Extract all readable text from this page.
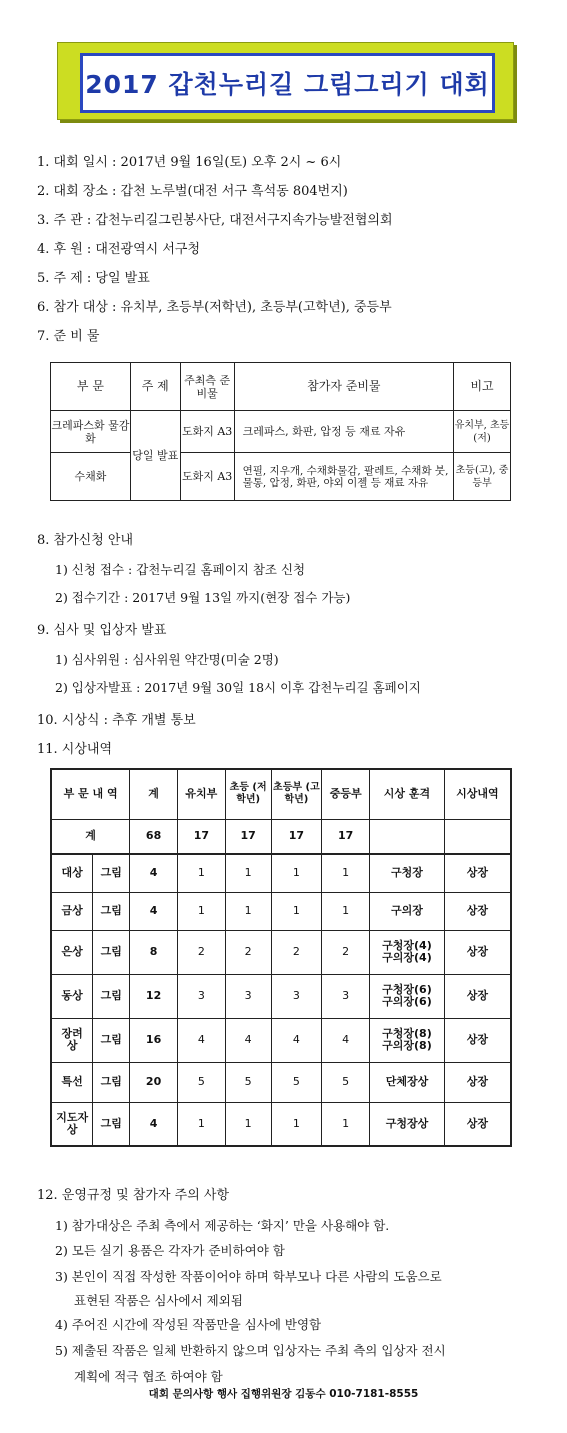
2017 갑천누리길 그림그리기 대회
1. 대회 일시 : 2017년 9월 16일(토) 오후 2시 ~ 6시
2. 대회 장소 : 갑천 노루벌(대전 서구 흑석동 804번지)
3. 주 관 : 갑천누리길그린봉사단, 대전서구지속가능발전협의회
4. 후 원 : 대전광역시 서구청
5. 주 제 : 당일 발표
6. 참가 대상 : 유치부, 초등부(저학년), 초등부(고학년), 중등부
7. 준 비 물
부 문	주 제	주최측 준비물	참가자 준비물	비고
크레파스화 물감화	당일 발표	도화지 A3	크레파스, 화판, 압정 등 재료 자유	유치부, 초등(저)
수채화		도화지 A3	연필, 지우개, 수채화물감, 팔레트, 수채화 붓, 물통, 압정, 화판, 야외 이젤 등 재료 자유	초등(고), 중등부
8. 참가신청 안내
1) 신청 접수 : 갑천누리길 홈페이지 참조 신청
2) 접수기간 : 2017년 9월 13일 까지(현장 접수 가능)
9. 심사 및 입상자 발표
1) 심사위원 : 심사위원 약간명(미술 2명)
2) 입상자발표 : 2017년 9월 30일 18시 이후 갑천누리길 홈페이지
10. 시상식 : 추후 개별 통보
11. 시상내역
부 문 내 역		계	유치부	초등 (저학년)	초등부 (고학년)	중등부	시상 훈격	시상내역
계		68	17	17	17	17		
대상	그림	4	1	1	1	1	구청장	상장
금상	그림	4	1	1	1	1	구의장	상장
은상	그림	8	2	2	2	2	구청장(4) 구의장(4)	상장
동상	그림	12	3	3	3	3	구청장(6) 구의장(6)	상장
장려상	그림	16	4	4	4	4	구청장(8) 구의장(8)	상장
특선	그림	20	5	5	5	5	단체장상	상장
지도자상	그림	4	1	1	1	1	구청장상	상장
12. 운영규정 및 참가자 주의 사항
1) 참가대상은 주최 측에서 제공하는 ‘화지’ 만을 사용해야 함.
2) 모든 실기 용품은 각자가 준비하여야 함
3) 본인이 직접 작성한 작품이어야 하며 학부모나 다른 사람의 도움으로
표현된 작품은 심사에서 제외됨
4) 주어진 시간에 작성된 작품만을 심사에 반영함
5) 제출된 작품은 일체 반환하지 않으며 입상자는 주최 측의 입상자 전시
대회 문의사항 행사 집행위원장 김동수 010-7181-8555
계획에 적극 협조 하여야 함
